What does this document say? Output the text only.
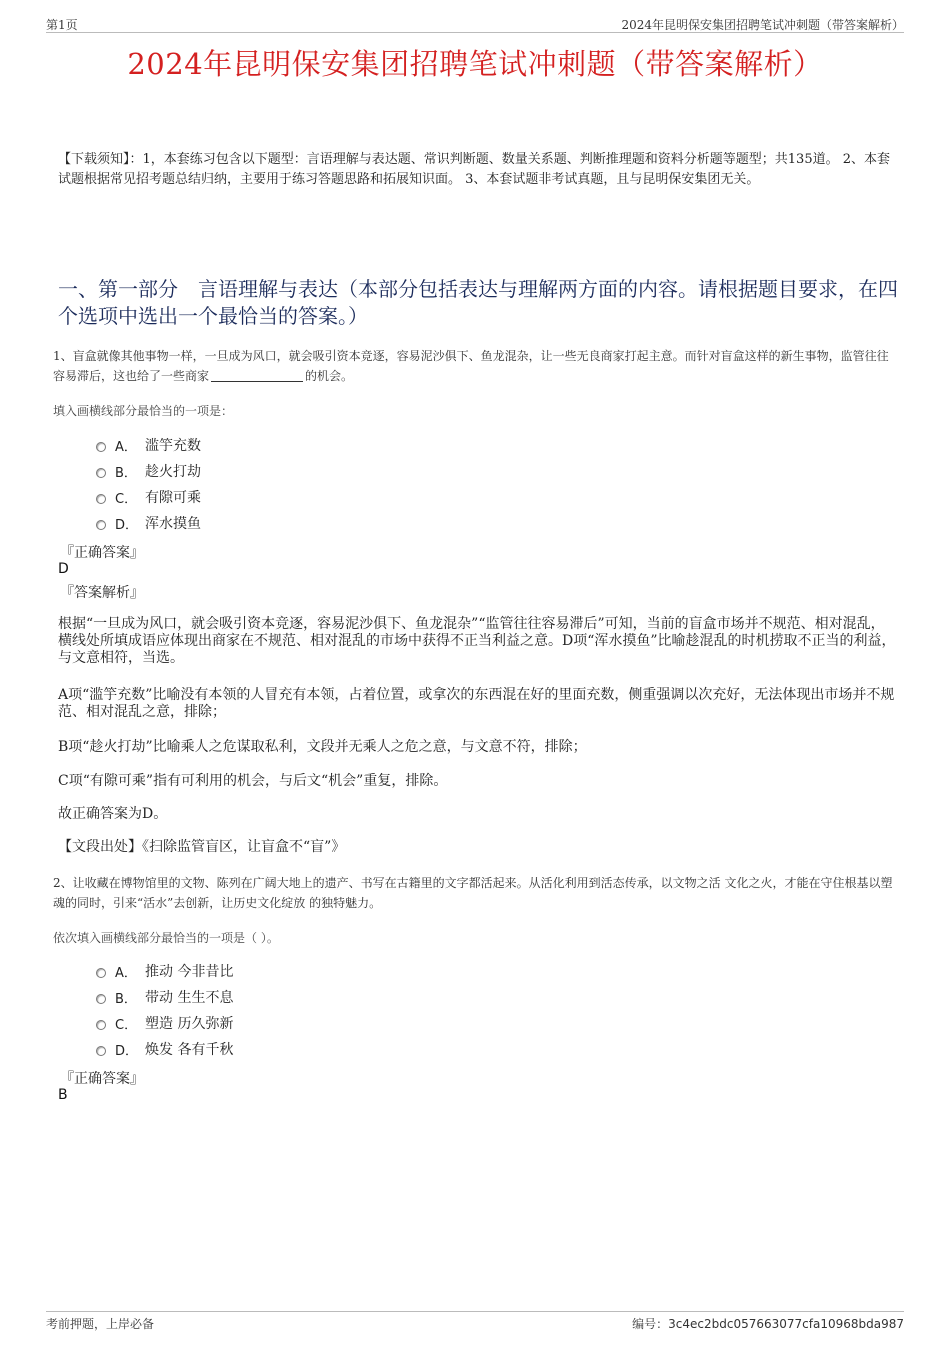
第1页	2024年昆明保安集团招聘笔试冲刺题（带答案解析）
2024年昆明保安集团招聘笔试冲刺题（带答案解析）
【下载须知】：1，本套练习包含以下题型：言语理解与表达题、常识判断题、数量关系题、判断推理题和资料分析题等题型；共135道。 2、本套试题根据常见招考题总结归纳，主要用于练习答题思路和拓展知识面。 3、本套试题非考试真题，且与昆明保安集团无关。
一、第一部分　言语理解与表达（本部分包括表达与理解两方面的内容。请根据题目要求，在四个选项中选出一个最恰当的答案。）
1、盲盒就像其他事物一样，一旦成为风口，就会吸引资本竞逐，容易泥沙俱下、鱼龙混杂，让一些无良商家打起主意。而针对盲盒这样的新生事物，监管往往容易滞后，这也给了一些商家	的机会。
填入画横线部分最恰当的一项是：
A． 滥竽充数
B． 趁火打劫
C． 有隙可乘
D． 浑水摸鱼
『正确答案』
D
『答案解析』
根据“一旦成为风口，就会吸引资本竞逐，容易泥沙俱下、鱼龙混杂”“监管往往容易滞后”可知，当前的盲盒市场并不规范、相对混乱，横线处所填成语应体现出商家在不规范、相对混乱的市场中获得不正当利益之意。D项“浑水摸鱼”比喻趁混乱的时机捞取不正当的利益，与文意相符，当选。
A项“滥竽充数”比喻没有本领的人冒充有本领，占着位置，或拿次的东西混在好的里面充数，侧重强调以次充好，无法体现出市场并不规范、相对混乱之意，排除；
B项“趁火打劫”比喻乘人之危谋取私利，文段并无乘人之危之意，与文意不符，排除；
C项“有隙可乘”指有可利用的机会，与后文“机会”重复，排除。
故正确答案为D。
【文段出处】《扫除监管盲区，让盲盒不“盲”》
2、让收藏在博物馆里的文物、陈列在广阔大地上的遗产、书写在古籍里的文字都活起来。从活化利用到活态传承，以文物之活 文化之火，才能在守住根基以塑魂的同时，引来“活水”去创新，让历史文化绽放 的独特魅力。
依次填入画横线部分最恰当的一项是（ ）。
A． 推动 今非昔比
B． 带动 生生不息
C． 塑造 历久弥新
D． 焕发 各有千秋
『正确答案』
B
考前押题，上岸必备	编号：3c4ec2bdc057663077cfa10968bda987
